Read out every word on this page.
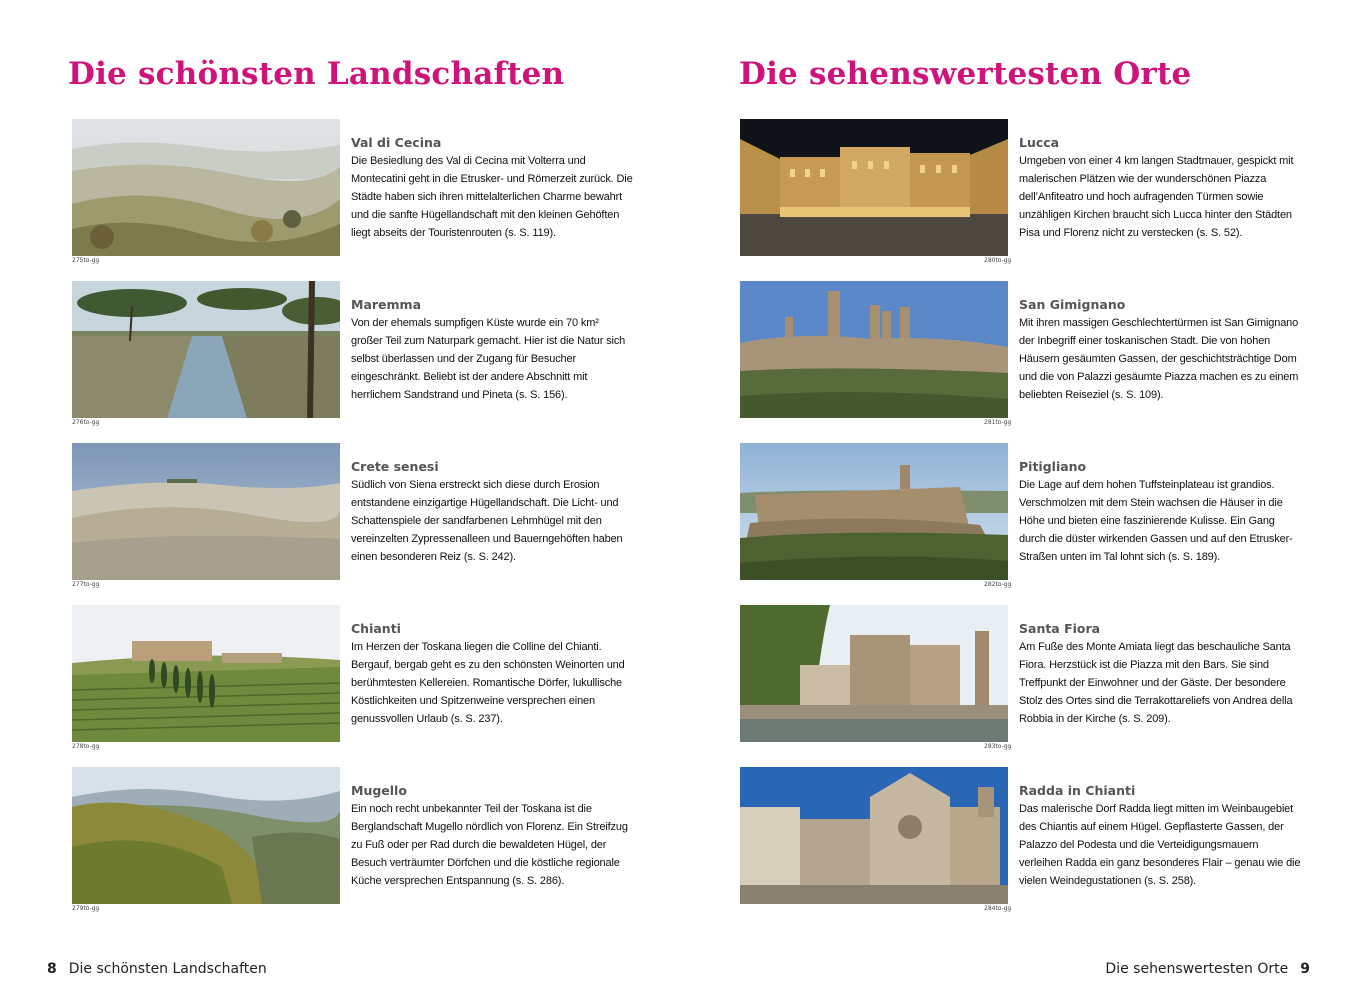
Die schönsten Landschaften
275to-gg
Val di Cecina

Die Besiedlung des Val di Cecina mit Volterra und Montecatini geht in die Etrusker- und Römerzeit zurück. Die Städte haben sich ihren mittelalterlichen Charme bewahrt und die sanfte Hügellandschaft mit den kleinen Gehöften liegt abseits der Touristenrouten (s. S. 119).

276to-gg
Maremma

Von der ehemals sumpfigen Küste wurde ein 70 km² großer Teil zum Naturpark gemacht. Hier ist die Natur sich selbst überlassen und der Zugang für Besucher eingeschränkt. Beliebt ist der andere Abschnitt mit herrlichem Sandstrand und Pineta (s. S. 156).

277to-gg
Crete senesi

Südlich von Siena erstreckt sich diese durch Erosion entstandene einzigartige Hügellandschaft. Die Licht- und Schattenspiele der sandfarbenen Lehmhügel mit den vereinzelten Zypressenalleen und Bauerngehöften haben einen besonderen Reiz (s. S. 242).

278to-gg
Chianti

Im Herzen der Toskana liegen die Colline del Chianti. Bergauf, bergab geht es zu den schönsten Weinorten und berühmtesten Kellereien. Romantische Dörfer, lukullische Köstlichkeiten und Spitzenweine versprechen einen genussvollen Urlaub (s. S. 237).

279to-gg
Mugello

Ein noch recht unbekannter Teil der Toskana ist die Berglandschaft Mugello nördlich von Florenz. Ein Streifzug zu Fuß oder per Rad durch die bewaldeten Hügel, der Besuch verträumter Dörfchen und die köstliche regionale Küche versprechen Entspannung (s. S. 286).

8 Die schönsten Landschaften
Die sehenswertesten Orte
280to-gg
Lucca

Umgeben von einer 4 km langen Stadtmauer, gespickt mit malerischen Plätzen wie der wunderschönen Piazza dell’Anfiteatro und hoch aufragenden Türmen sowie unzähligen Kirchen braucht sich Lucca hinter den Städten Pisa und Florenz nicht zu verstecken (s. S. 52).

281to-gg
San Gimignano

Mit ihren massigen Geschlechtertürmen ist San Gimignano der Inbegriff einer toskanischen Stadt. Die von hohen Häusern gesäumten Gassen, der geschichtsträchtige Dom und die von Palazzi gesäumte Piazza machen es zu einem beliebten Reiseziel (s. S. 109).

282to-gg
Pitigliano

Die Lage auf dem hohen Tuffsteinplateau ist grandios. Verschmolzen mit dem Stein wachsen die Häuser in die Höhe und bieten eine faszinierende Kulisse. Ein Gang durch die düster wirkenden Gassen und auf den Etrusker-Straßen unten im Tal lohnt sich (s. S. 189).

283to-gg
Santa Fiora

Am Fuße des Monte Amiata liegt das beschauliche Santa Fiora. Herzstück ist die Piazza mit den Bars. Sie sind Treffpunkt der Einwohner und der Gäste. Der besondere Stolz des Ortes sind die Terrakottareliefs von Andrea della Robbia in der Kirche (s. S. 209).

284to-gg
Radda in Chianti

Das malerische Dorf Radda liegt mitten im Weinbaugebiet des Chiantis auf einem Hügel. Gepflasterte Gassen, der Palazzo del Podesta und die Verteidigungsmauern verleihen Radda ein ganz besonderes Flair – genau wie die vielen Weindegustationen (s. S. 258).

Die sehenswertesten Orte 9
